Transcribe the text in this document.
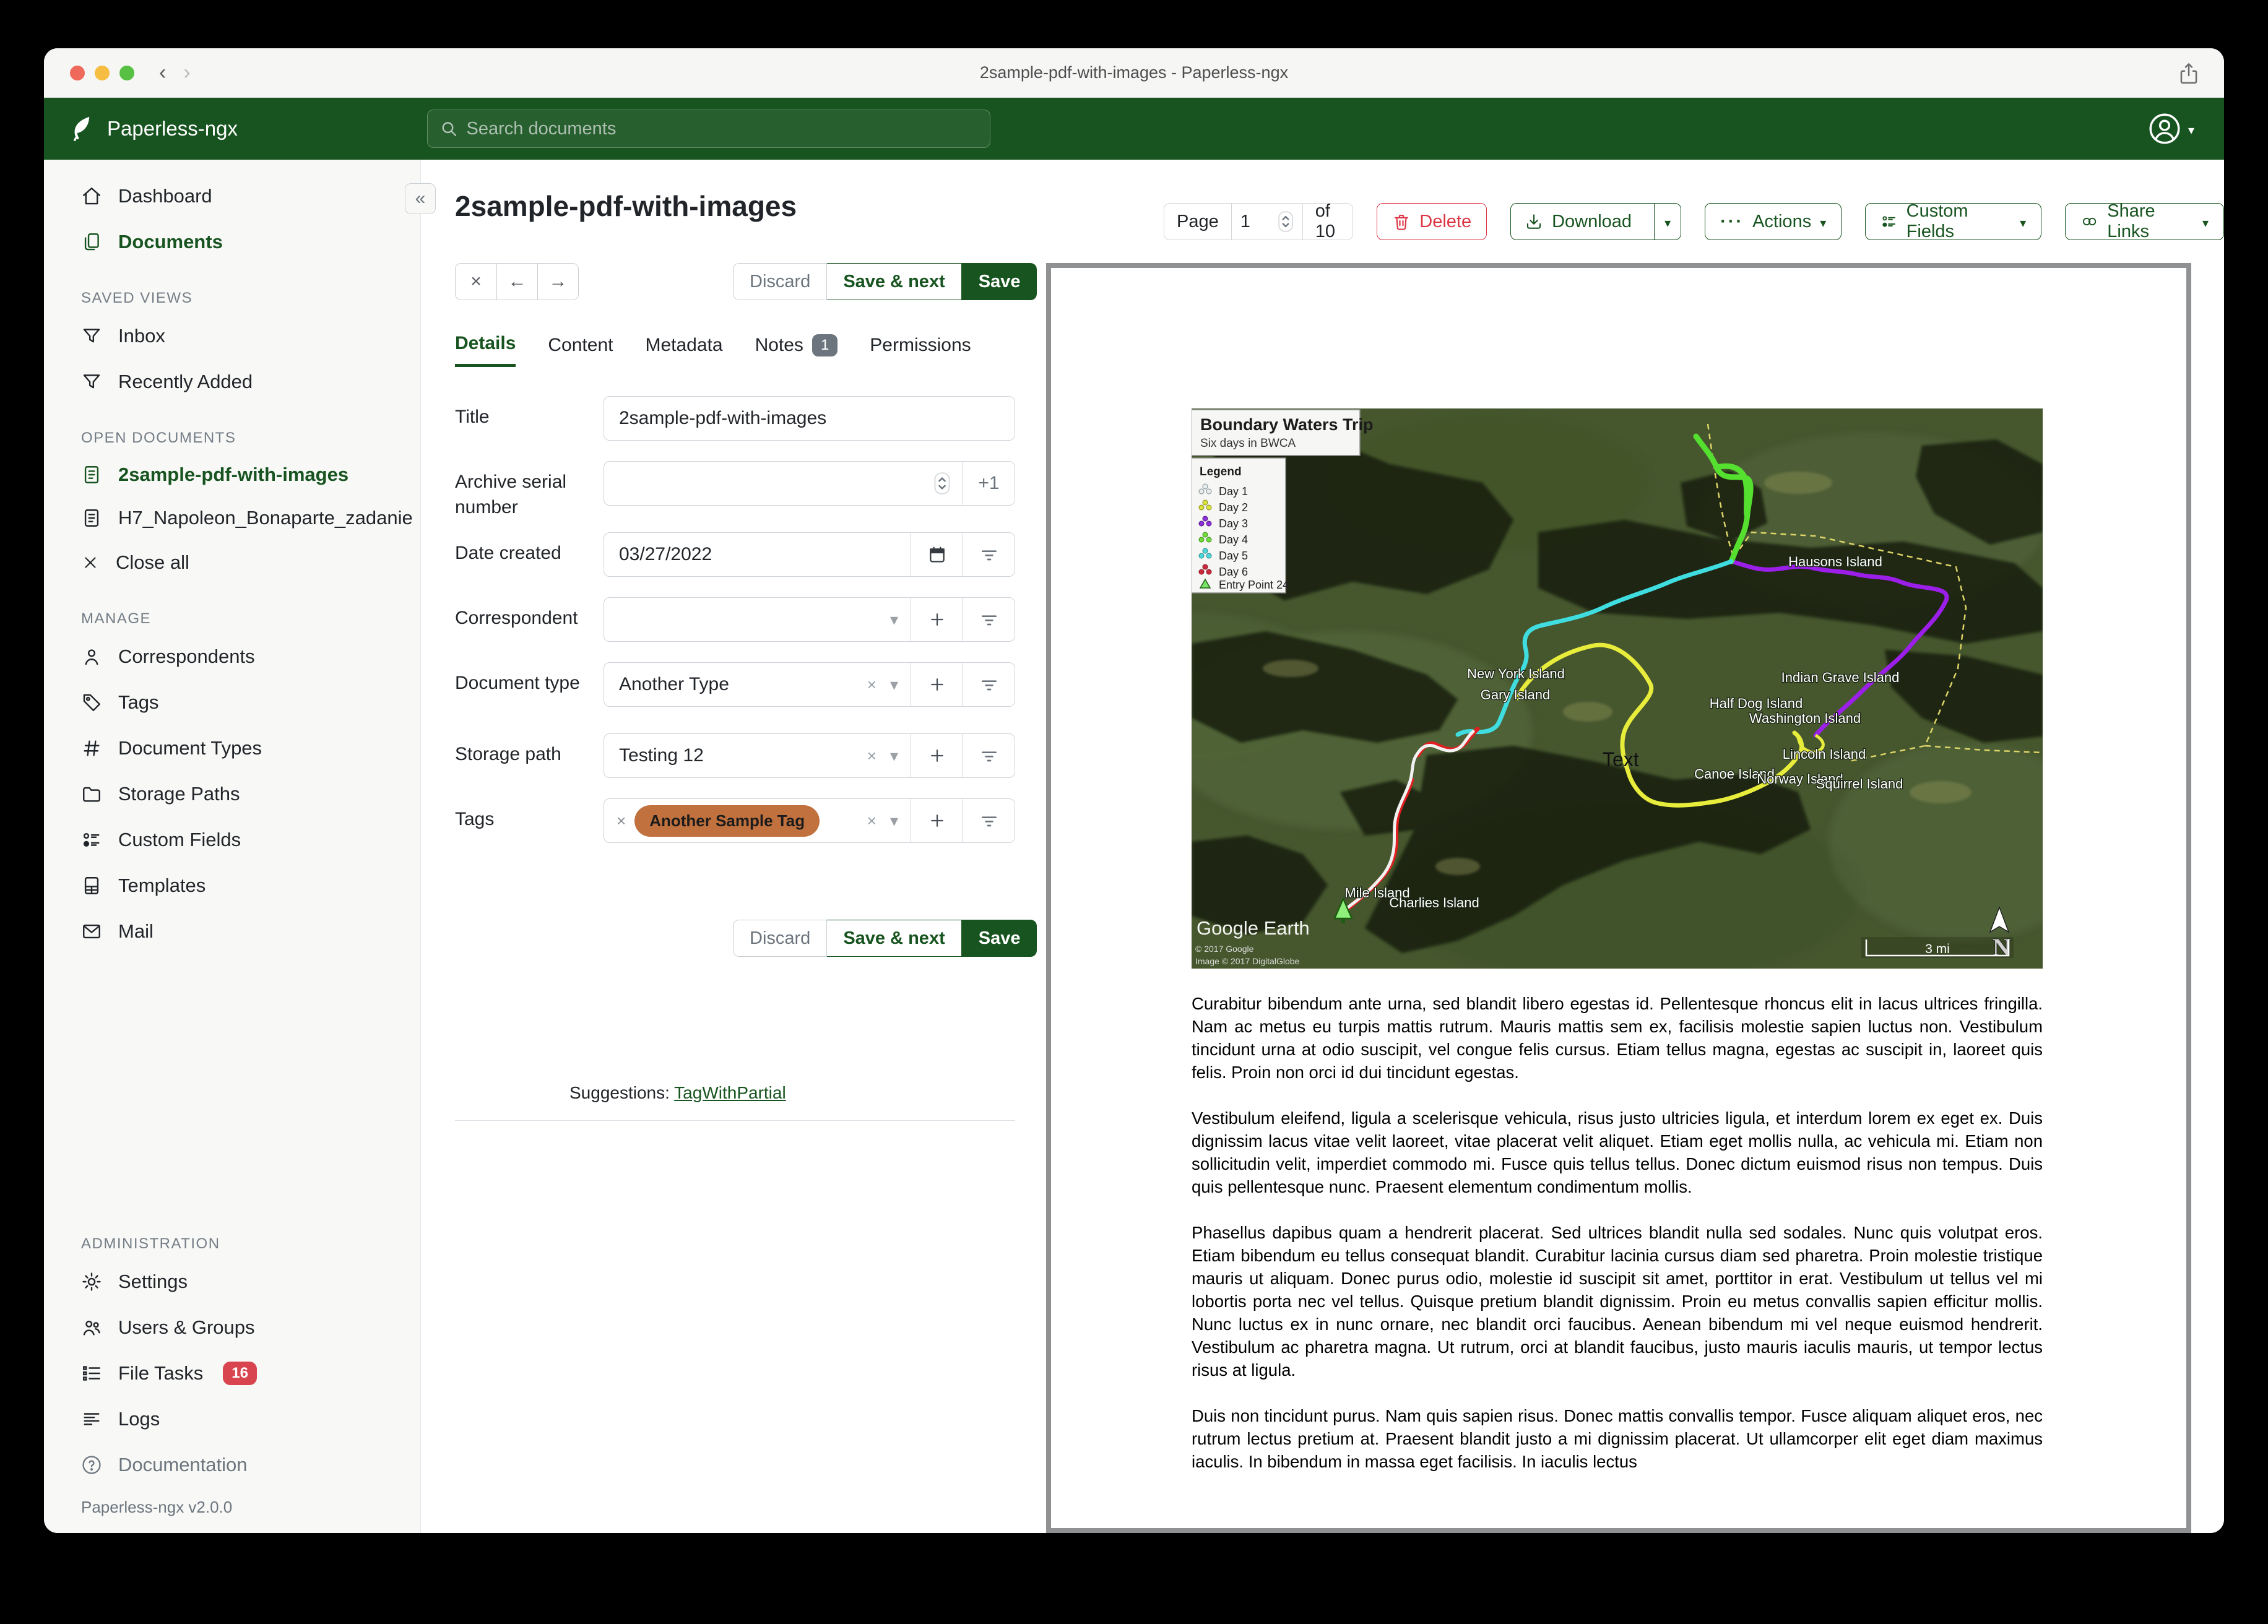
‹ ›	2sample-pdf-with-images - Paperless-ngx
Paperless-ngx
Search documents	▾
Dashboard
Documents
SAVED VIEWS
Inbox
Recently Added
OPEN DOCUMENTS
2sample-pdf-with-images
H7_Napoleon_Bonaparte_zadanie
Close all
MANAGE
Correspondents
Tags
Document Types
Storage Paths
Custom Fields
Templates
Mail
ADMINISTRATION
Settings
Users & Groups
File Tasks	16
Logs
Documentation
Paperless-ngx v2.0.0
«	2sample-pdf-with-images	Page
1
of 10
Delete	Download	▾	··· Actions ▾
Custom Fields	▾
Share Links	▾
×	←	→	Discard	Save & next	Save
Details Content Metadata Notes	1	Permissions
Title
2sample-pdf-with-images
Archive serial number
+1
Date created
03/27/2022
Correspondent	▾
Document type
Another Type	× ▾
Storage path
Testing 12	× ▾
Tags	×	Another Sample Tag	× ▾
Suggestions: TagWithPartial
Discard	Save & next	Save
Hausons Island
New York Island
Gary Island
Indian Grave Island
Half Dog Island
Washington Island
Lincoln Island
Canoe Island
Norway Island
Squirrel Island
Mile Island
Charlies Island
Text
Boundary Waters Trip
Six days in BWCA
Legend
Day 1
Day 2
Day 3
Day 4
Day 5
Day 6
Entry Point 24
Google Earth
© 2017 Google
Image © 2017 DigitalGlobe	N
3 mi

Curabitur bibendum ante urna, sed blandit libero egestas id. Pellentesque rhoncus elit in lacus ultrices fringilla. Nam ac metus eu turpis mattis rutrum. Mauris mattis sem ex, facilisis molestie sapien luctus non. Vestibulum tincidunt urna at odio suscipit, vel congue felis cursus. Etiam tellus magna, egestas ac suscipit in, laoreet quis felis. Proin non orci id dui tincidunt egestas.

Vestibulum eleifend, ligula a scelerisque vehicula, risus justo ultricies ligula, et interdum lorem ex eget ex. Duis dignissim lacus vitae velit laoreet, vitae placerat velit aliquet. Etiam eget mollis nulla, ac vehicula mi. Etiam non sollicitudin velit, imperdiet commodo mi. Fusce quis tellus tellus. Donec dictum euismod risus non tempus. Duis quis pellentesque nunc. Praesent elementum condimentum mollis.

Phasellus dapibus quam a hendrerit placerat. Sed ultrices blandit nulla sed sodales. Nunc quis volutpat eros. Etiam bibendum eu tellus consequat blandit. Curabitur lacinia cursus diam sed pharetra. Proin molestie tristique mauris ut aliquam. Donec purus odio, molestie id suscipit sit amet, porttitor in erat. Vestibulum ut tellus vel mi lobortis porta nec vel tellus. Quisque pretium blandit dignissim. Proin eu metus convallis sapien efficitur mollis. Nunc luctus ex in nunc ornare, nec blandit orci faucibus. Aenean bibendum mi vel neque euismod hendrerit. Vestibulum ac pharetra magna. Ut rutrum, orci at blandit faucibus, justo mauris iaculis mauris, ut tempor lectus risus at ligula.

Duis non tincidunt purus. Nam quis sapien risus. Donec mattis convallis tempor. Fusce aliquam aliquet eros, nec rutrum lectus pretium at. Praesent blandit justo a mi dignissim placerat. Ut ullamcorper elit eget diam maximus iaculis. In bibendum in massa eget facilisis. In iaculis lectus
